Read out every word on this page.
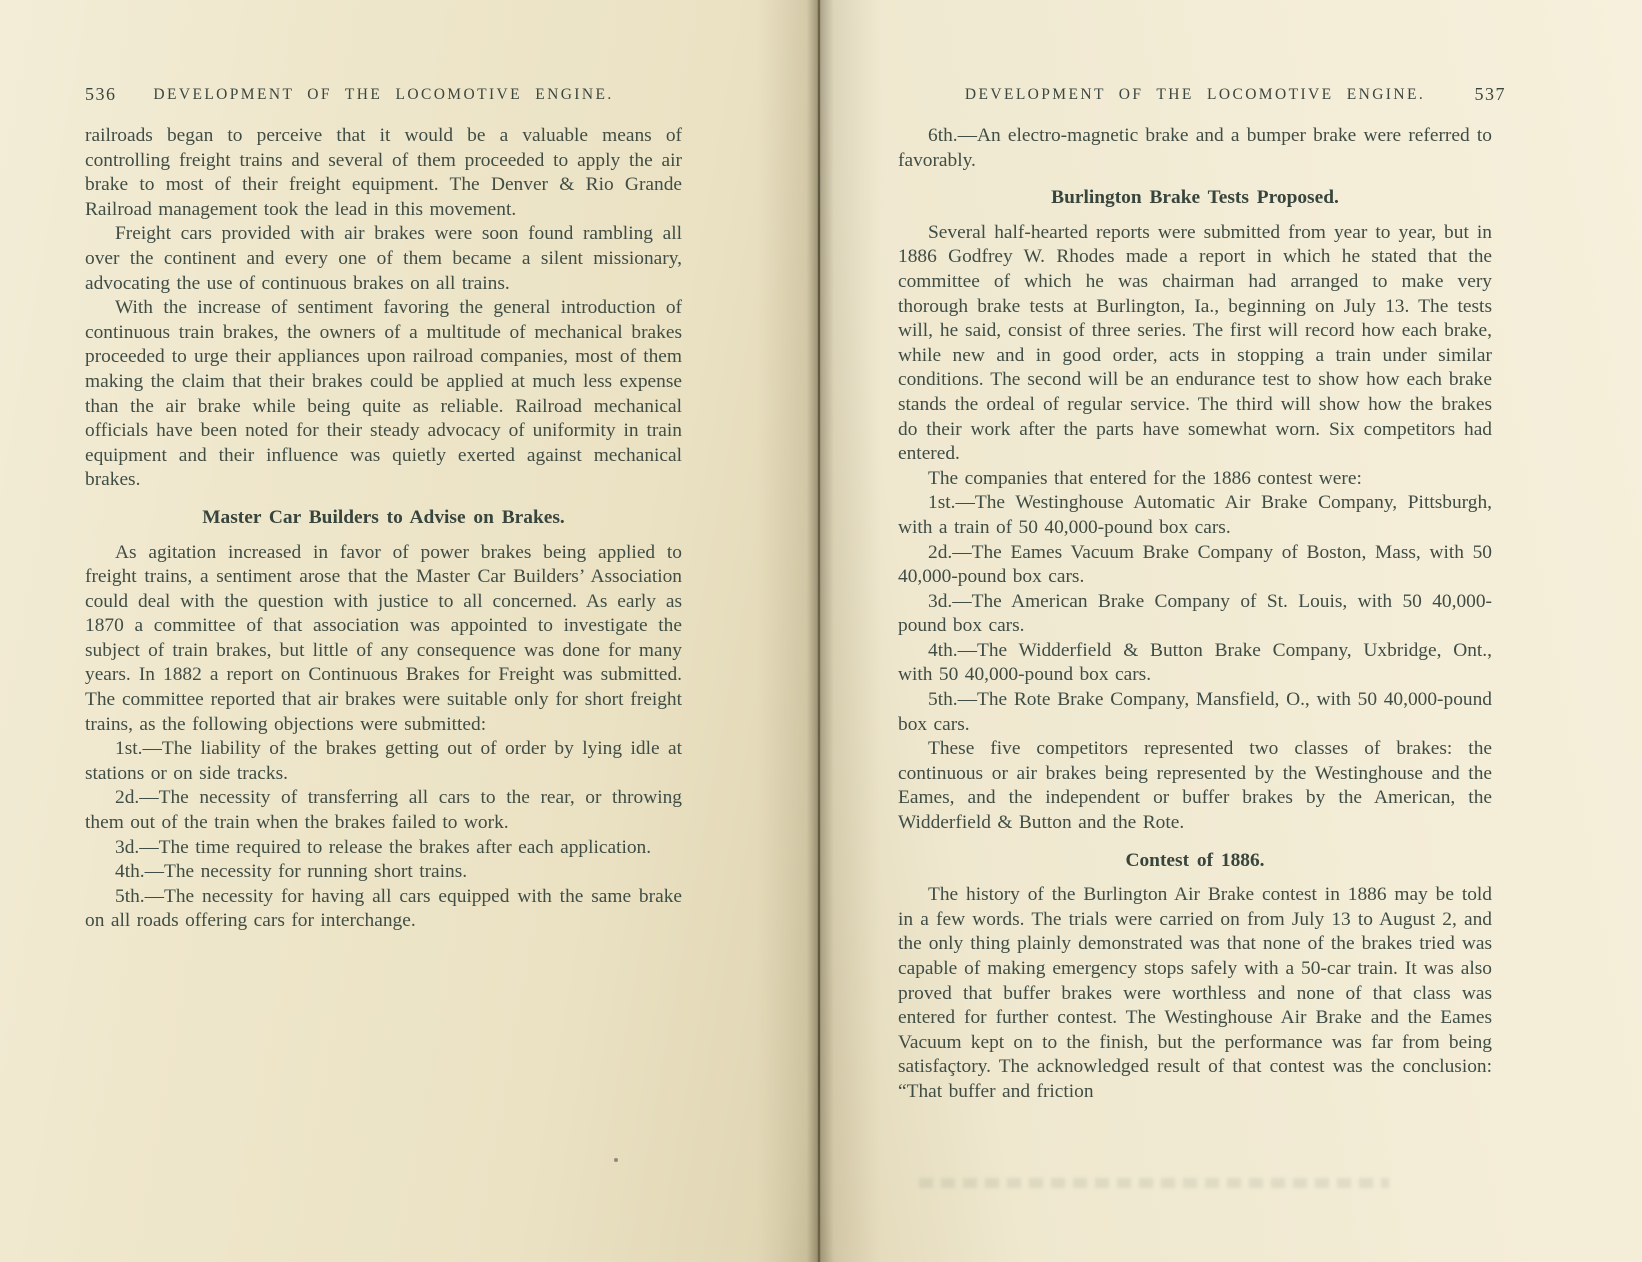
536	DEVELOPMENT OF THE LOCOMOTIVE ENGINE.

railroads began to perceive that it would be a valuable means of controlling freight trains and several of them proceeded to apply the air brake to most of their freight equipment. The Denver & Rio Grande Railroad management took the lead in this movement.

Freight cars provided with air brakes were soon found rambling all over the continent and every one of them became a silent missionary, advocating the use of continuous brakes on all trains.

With the increase of sentiment favoring the general introduction of continuous train brakes, the owners of a multitude of mechanical brakes proceeded to urge their appliances upon railroad companies, most of them making the claim that their brakes could be applied at much less expense than the air brake while being quite as reliable. Railroad mechanical officials have been noted for their steady advocacy of uniformity in train equipment and their influence was quietly exerted against mechanical brakes.

Master Car Builders to Advise on Brakes.

As agitation increased in favor of power brakes being applied to freight trains, a sentiment arose that the Master Car Builders’ Association could deal with the question with justice to all concerned. As early as 1870 a committee of that association was appointed to investigate the subject of train brakes, but little of any consequence was done for many years. In 1882 a report on Continuous Brakes for Freight was submitted. The committee reported that air brakes were suitable only for short freight trains, as the following objections were submitted:

1st.—The liability of the brakes getting out of order by lying idle at stations or on side tracks.

2d.—The necessity of transferring all cars to the rear, or throwing them out of the train when the brakes failed to work.

3d.—The time required to release the brakes after each application.

4th.—The necessity for running short trains.

5th.—The necessity for having all cars equipped with the same brake on all roads offering cars for interchange.

DEVELOPMENT OF THE LOCOMOTIVE ENGINE.	537

6th.—An electro-magnetic brake and a bumper brake were referred to favorably.

Burlington Brake Tests Proposed.

Several half-hearted reports were submitted from year to year, but in 1886 Godfrey W. Rhodes made a report in which he stated that the committee of which he was chairman had arranged to make very thorough brake tests at Burlington, Ia., beginning on July 13. The tests will, he said, consist of three series. The first will record how each brake, while new and in good order, acts in stopping a train under similar conditions. The second will be an endurance test to show how each brake stands the ordeal of regular service. The third will show how the brakes do their work after the parts have somewhat worn. Six competitors had entered.

The companies that entered for the 1886 contest were:

1st.—The Westinghouse Automatic Air Brake Company, Pittsburgh, with a train of 50 40,000-pound box cars.

2d.—The Eames Vacuum Brake Company of Boston, Mass, with 50 40,000-pound box cars.

3d.—The American Brake Company of St. Louis, with 50 40,000-pound box cars.

4th.—The Widderfield & Button Brake Company, Uxbridge, Ont., with 50 40,000-pound box cars.

5th.—The Rote Brake Company, Mansfield, O., with 50 40,000-pound box cars.

These five competitors represented two classes of brakes: the continuous or air brakes being represented by the Westinghouse and the Eames, and the independent or buffer brakes by the American, the Widderfield & Button and the Rote.

Contest of 1886.

The history of the Burlington Air Brake contest in 1886 may be told in a few words. The trials were carried on from July 13 to August 2, and the only thing plainly demonstrated was that none of the brakes tried was capable of making emergency stops safely with a 50-car train. It was also proved that buffer brakes were worthless and none of that class was entered for further contest. The Westinghouse Air Brake and the Eames Vacuum kept on to the finish, but the performance was far from being satisfaçtory. The acknowledged result of that contest was the conclusion: “That buffer and friction
